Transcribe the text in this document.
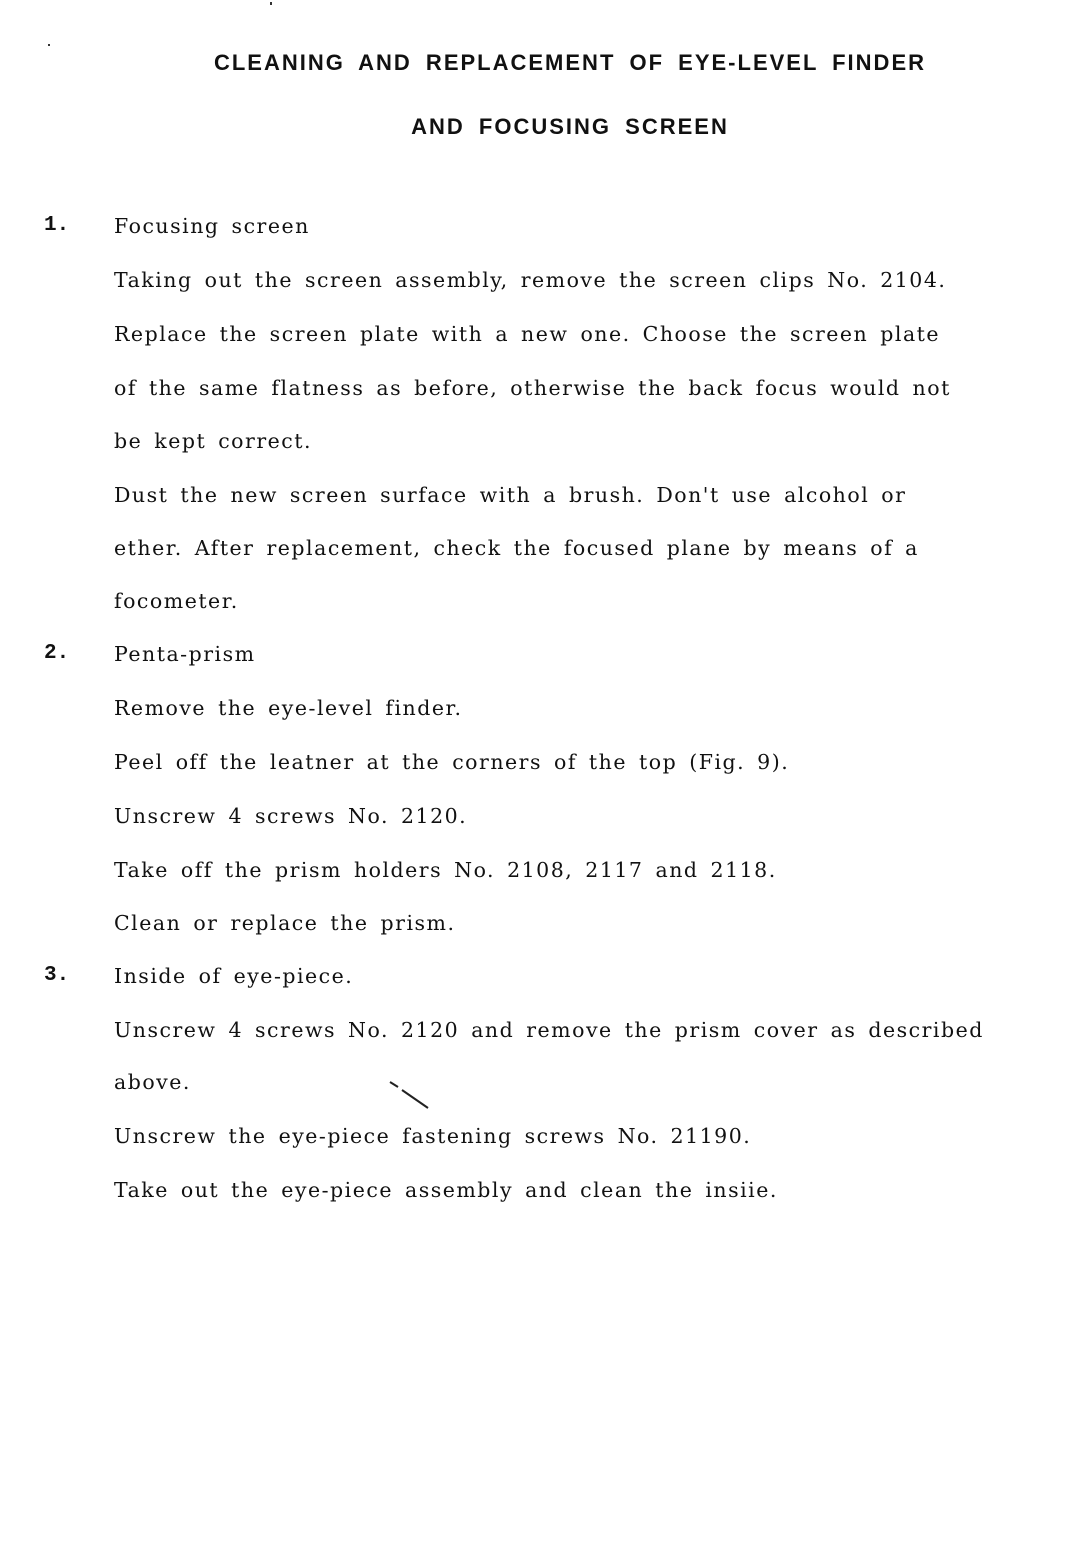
CLEANING AND REPLACEMENT OF EYE-LEVEL FINDER
AND FOCUSING SCREEN
1. Focusing screen
Taking out the screen assembly, remove the screen clips No. 2104.
Replace the screen plate with a new one. Choose the screen plate
of the same flatness as before, otherwise the back focus would not
be kept correct.
Dust the new screen surface with a brush. Don't use alcohol or
ether. After replacement, check the focused plane by means of a
focometer.
2. Penta-prism
Remove the eye-level finder.
Peel off the leatner at the corners of the top (Fig. 9).
Unscrew 4 screws No. 2120.
Take off the prism holders No. 2108, 2117 and 2118.
Clean or replace the prism.
3. Inside of eye-piece.
Unscrew 4 screws No. 2120 and remove the prism cover as described
above.
Unscrew the eye-piece fastening screws No. 21190.
Take out the eye-piece assembly and clean the insiie.
